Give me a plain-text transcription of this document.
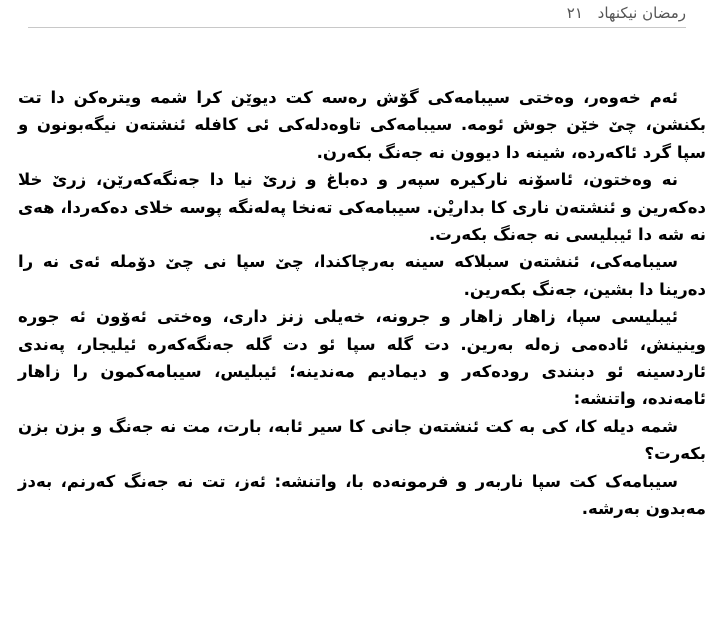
رمضان نیکنهاد ٢١

ئەم خەوەر، وەختی سیبامەکی گۆش رەسە کت دیوێن کرا شمە ویترەکن دا تت بکنشن، چێ خێن جوش ئومە. سیبامەکی تاوەدلەکی ئی کافلە ئنشتەن نیگەبونون و سپا گرد ئاکەردە، شینە دا دیوون نە جەنگ بکەرن.

نە وەختون، ئاسۆنە نارکیرە سپەر و دەباغ و زرێ نیا دا جەنگەکەرێن، زرێ خلا دەکەرین و ئنشتەن ناری کا بداریْن. سیبامەکی تەنخا پەلەنگە پوسە خلای دەکەردا، هەی نە شە دا ئیبلیسی نە جەنگ بکەرت.

سیبامەکی، ئنشتەن سبلاکە سینە بەرچاکندا، چێ سپا نی چێ دۆملە ئەی نە را دەرینا دا بشین، جەنگ بکەرین.

ئیبلیسی سپا، زاهار زاهار و جرونە، خەیلی زنز داری، وەختی ئەۆون ئە جورە وینینش، ئادەمی زەلە بەرین. دت گلە سپا ئو دت گلە جەنگەکەرە ئیلیجار، پەندی ئاردسینە ئو دبنندی رودەکەر و دیمادیم مەندینە؛ ئیبلیس، سیبامەکمون را زاهار ئامەندە، واتنشە:

شمە دیلە کا، کی بە کت ئنشتەن جانی کا سیر ئابە، بارت، مت نە جەنگ و بزن بزن بکەرت؟

سیبامەک کت سپا ناربەر و فرمونەدە با، واتنشە: ئەز، تت نە جەنگ کەرنم، بەدز مەبدون بەرشە.
